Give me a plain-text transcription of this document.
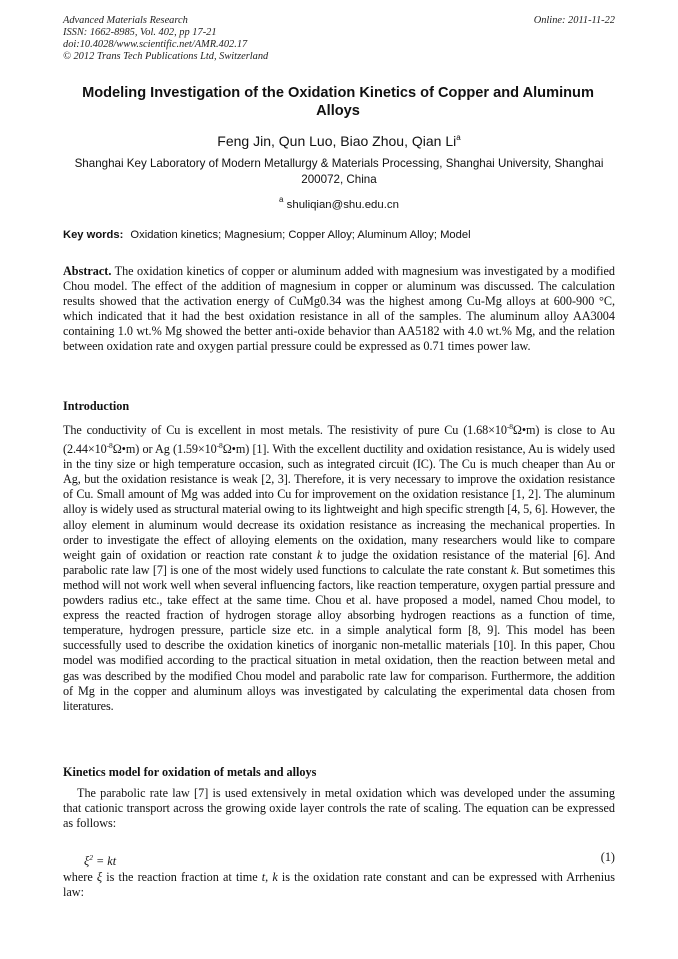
Advanced Materials Research
ISSN: 1662-8985, Vol. 402, pp 17-21
doi:10.4028/www.scientific.net/AMR.402.17
© 2012 Trans Tech Publications Ltd, Switzerland
Online: 2011-11-22
Modeling Investigation of the Oxidation Kinetics of Copper and Aluminum Alloys
Feng Jin, Qun Luo, Biao Zhou, Qian Li$^a$
Shanghai Key Laboratory of Modern Metallurgy & Materials Processing, Shanghai University, Shanghai 200072, China
$^a$ shuliqian@shu.edu.cn
Key words: Oxidation kinetics; Magnesium; Copper Alloy; Aluminum Alloy; Model
Abstract. The oxidation kinetics of copper or aluminum added with magnesium was investigated by a modified Chou model. The effect of the addition of magnesium in copper or aluminum was discussed. The calculation results showed that the activation energy of CuMg0.34 was the highest among Cu-Mg alloys at 600-900 °C, which indicated that it had the best oxidation resistance in all of the samples. The aluminum alloy AA3004 containing 1.0 wt.% Mg showed the better anti-oxide behavior than AA5182 with 4.0 wt.% Mg, and the relation between oxidation rate and oxygen partial pressure could be expressed as 0.71 times power law.
Introduction
The conductivity of Cu is excellent in most metals. The resistivity of pure Cu $(1.68\times 10^{-8}\Omega•m)$ is close to Au $(2.44\times 10^{-8}\Omega•m)$ or Ag $(1.59\times 10^{-8}\Omega•m)$ [1]. With the excellent ductility and oxidation resistance, Au is widely used in the tiny size or high temperature occasion, such as integrated circuit (IC). The Cu is much cheaper than Au or Ag, but the oxidation resistance is weak [2, 3]. Therefore, it is very necessary to improve the oxidation resistance of Cu. Small amount of Mg was added into Cu for improvement on the oxidation resistance [1, 2]. The aluminum alloy is widely used as structural material owing to its lightweight and high specific strength [4, 5, 6]. However, the alloy element in aluminum would decrease its oxidation resistance as increasing the mechanical properties. In order to investigate the effect of alloying elements on the oxidation, many researchers would like to compare weight gain of oxidation or reaction rate constant k to judge the oxidation resistance of the material [6]. And parabolic rate law [7] is one of the most widely used functions to calculate the rate constant k. But sometimes this method will not work well when several influencing factors, like reaction temperature, oxygen partial pressure and powders radius etc., take effect at the same time. Chou et al. have proposed a model, named Chou model, to express the reacted fraction of hydrogen storage alloy absorbing hydrogen reactions as a function of time, temperature, hydrogen pressure, particle size etc. in a simple analytical form [8, 9]. This model has been successfully used to describe the oxidation kinetics of inorganic non-metallic materials [10]. In this paper, Chou model was modified according to the practical situation in metal oxidation, then the reaction between metal and gas was described by the modified Chou model and parabolic rate law for comparison. Furthermore, the addition of Mg in the copper and aluminum alloys was investigated by calculating the experimental data chosen from literatures.
Kinetics model for oxidation of metals and alloys
The parabolic rate law [7] is used extensively in metal oxidation which was developed under the assuming that cationic transport across the growing oxide layer controls the rate of scaling. The equation can be expressed as follows:
$\xi^2$ = kt	(1)
where ξ is the reaction fraction at time t, k is the oxidation rate constant and can be expressed with Arrhenius law:
